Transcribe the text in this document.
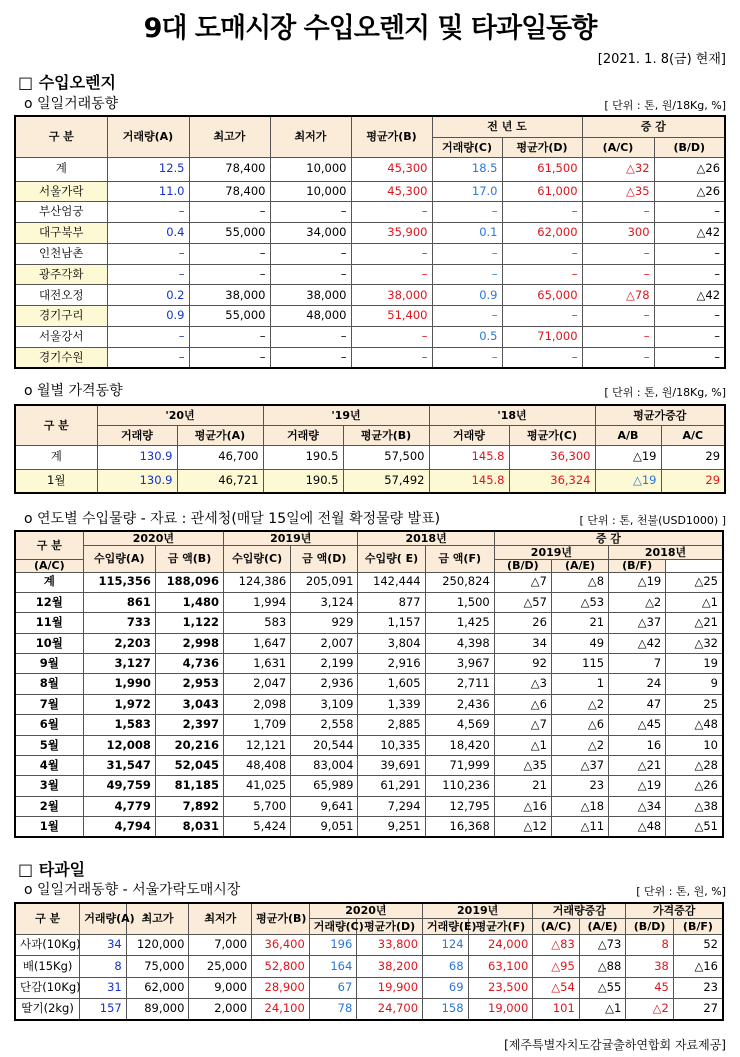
9대 도매시장 수입오렌지 및 타과일동향
[2021. 1. 8(금) 현재]
□ 수입오렌지
o 일일거래동향	[ 단위 : 톤, 원/18Kg, %]
구 분	거래량(A)	최고가	최저가	평균가(B)	전 년 도		증 감	
					거래량(C)	평균가(D)	(A/C)	(B/D)
계	12.5	78,400	10,000	45,300	18.5	61,500	△32	△26
서울가락	11.0	78,400	10,000	45,300	17.0	61,000	△35	△26
부산엄궁	–	–	–	–	–	–	–	–
대구북부	0.4	55,000	34,000	35,900	0.1	62,000	300	△42
인천남촌	–	–	–	–	–	–	–	–
광주각화	–	–	–	–	–	–	–	–
대전오정	0.2	38,000	38,000	38,000	0.9	65,000	△78	△42
경기구리	0.9	55,000	48,000	51,400	–	–	–	–
서울강서	–	–	–	–	0.5	71,000	–	–
경기수원	–	–	–	–	–	–	–	–
o 월별 가격동향	[ 단위 : 톤, 원/18Kg, %]
구 분	'20년		'19년		'18년		평균가증감	
	거래량	평균가(A)	거래량	평균가(B)	거래량	평균가(C)	A/B	A/C
계	130.9	46,700	190.5	57,500	145.8	36,300	△19	29
1월	130.9	46,721	190.5	57,492	145.8	36,324	△19	29
o 연도별 수입물량 - 자료 : 관세청(매달 15일에 전월 확정물량 발표)	[ 단위 : 톤, 천불(USD1000) ]
구 분	2020년		2019년		2018년		증 감			
	수입량(A)	금 액(B)	수입량(C)	금 액(D)	수입량( E)	금 액(F)	2019년		2018년	
(A/C)							(B/D)	(A/E)	(B/F)	
계	115,356	188,096	124,386	205,091	142,444	250,824	△7	△8	△19	△25
12월	861	1,480	1,994	3,124	877	1,500	△57	△53	△2	△1
11월	733	1,122	583	929	1,157	1,425	26	21	△37	△21
10월	2,203	2,998	1,647	2,007	3,804	4,398	34	49	△42	△32
9월	3,127	4,736	1,631	2,199	2,916	3,967	92	115	7	19
8월	1,990	2,953	2,047	2,936	1,605	2,711	△3	1	24	9
7월	1,972	3,043	2,098	3,109	1,339	2,436	△6	△2	47	25
6월	1,583	2,397	1,709	2,558	2,885	4,569	△7	△6	△45	△48
5월	12,008	20,216	12,121	20,544	10,335	18,420	△1	△2	16	10
4월	31,547	52,045	48,408	83,004	39,691	71,999	△35	△37	△21	△28
3월	49,759	81,185	41,025	65,989	61,291	110,236	21	23	△19	△26
2월	4,779	7,892	5,700	9,641	7,294	12,795	△16	△18	△34	△38
1월	4,794	8,031	5,424	9,051	9,251	16,368	△12	△11	△48	△51
□ 타과일
o 일일거래동향 - 서울가락도매시장	[ 단위 : 톤, 원, %]
구 분	거래량(A)	최고가	최저가	평균가(B)	2020년		2019년		거래량증감		가격증감	
					거래량(C)	평균가(D)	거래량(E)	평균가(F)	(A/C)	(A/E)	(B/D)	(B/F)
사과(10Kg)	34	120,000	7,000	36,400	196	33,800	124	24,000	△83	△73	8	52
배(15Kg)	8	75,000	25,000	52,800	164	38,200	68	63,100	△95	△88	38	△16
단감(10Kg)	31	62,000	9,000	28,900	67	19,900	69	23,500	△54	△55	45	23
딸기(2kg)	157	89,000	2,000	24,100	78	24,700	158	19,000	101	△1	△2	27
[제주특별자치도감귤출하연합회 자료제공]
